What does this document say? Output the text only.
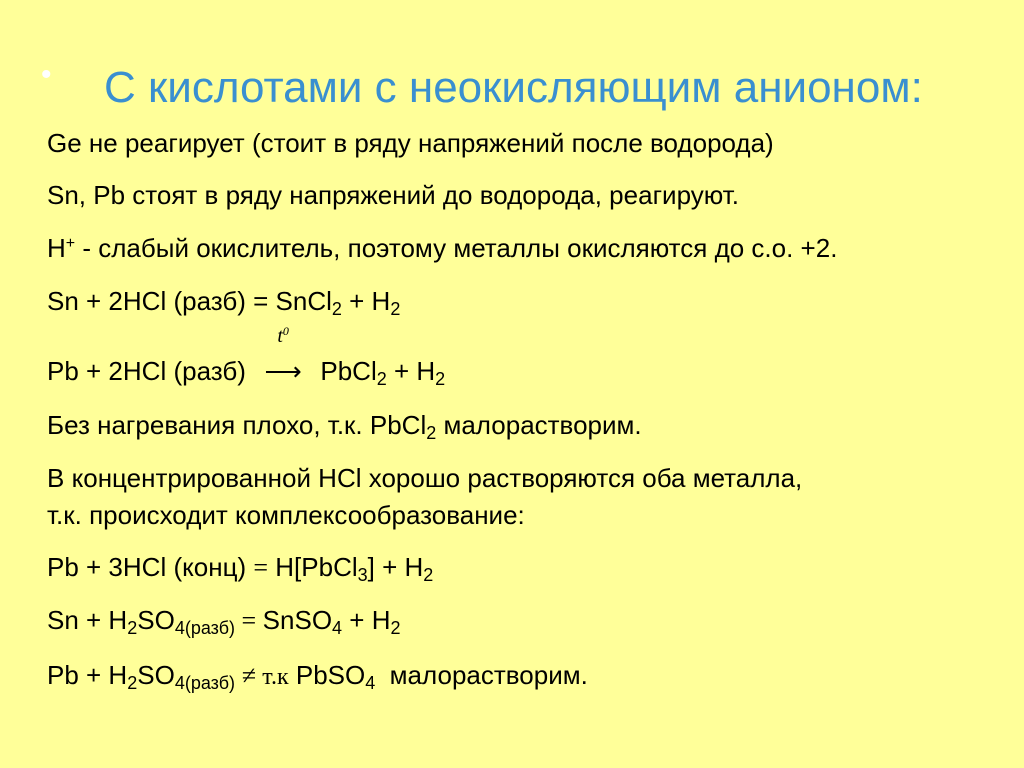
• С кислотами с неокисляющим анионом:
Ge не реагирует (стоит в ряду напряжений после водорода)
Sn, Pb стоят в ряду напряжений до водорода, реагируют.
H+ - слабый окислитель, поэтому металлы окисляются до с.о. +2.
Sn + 2HCl (разб) = SnCl$_2$ + $H_2$
Pb + 2HCl (разб)
$t^0$
⟶ PbCl$_2$ + $H_2$
Без нагревания плохо, т.к. PbCl$_2$ малорастворим.
В концентрированной HCl хорошо растворяются оба металла,
т.к. происходит комплексообразование:
Pb + 3HCl (конц) = H[PbCl$_3$] + $H_2$
$Sn + H_2SO_{4(разб)}$ = SnSO$_4$ + $H_2$
$Pb + H_2SO_{4(разб)} \ne т.к$ PbSO$_4$  малорастворим.
